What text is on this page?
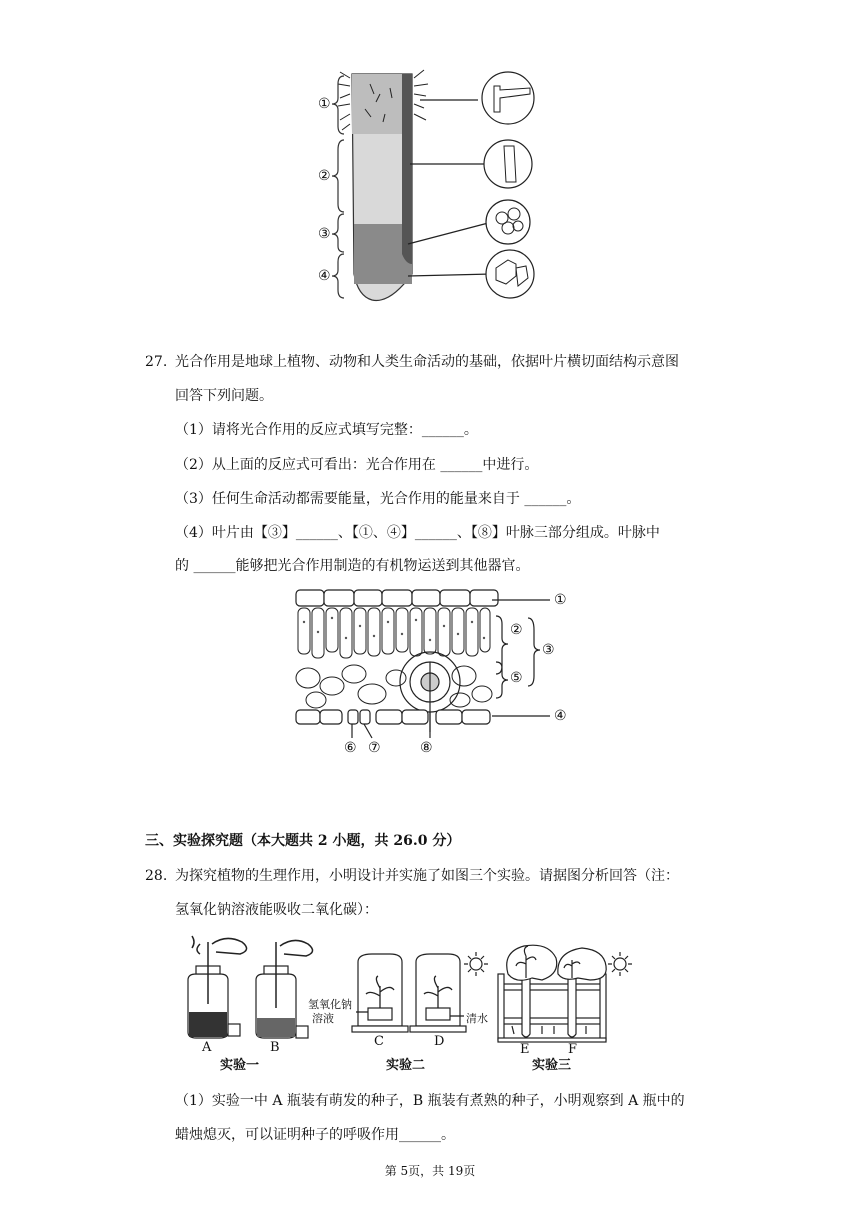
①
②
③
④
27. 光合作用是地球上植物、动物和人类生命活动的基础，依据叶片横切面结构示意图
回答下列问题。
（1）请将光合作用的反应式填写完整：______。
（2）从上面的反应式可看出：光合作用在 ______中进行。
（3）任何生命活动都需要能量，光合作用的能量来自于 ______。
（4）叶片由【③】______、【①、④】______、【⑧】叶脉三部分组成。叶脉中
的 ______能够把光合作用制造的有机物运送到其他器官。
①
②
③
⑤
④
⑥ ⑦	⑧
三、实验探究题（本大题共 2 小题，共 26.0 分）
28. 为探究植物的生理作用，小明设计并实施了如图三个实验。请据图分析回答（注：
氢氧化钠溶液能吸收二氧化碳）：
A	B	C	D
E	F
氢氧化钠
溶液	清水
实验一	实验二	实验三
（1）实验一中 A 瓶装有萌发的种子，B 瓶装有煮熟的种子，小明观察到 A 瓶中的
蜡烛熄灭，可以证明种子的呼吸作用______。
第 5页，共 19页
